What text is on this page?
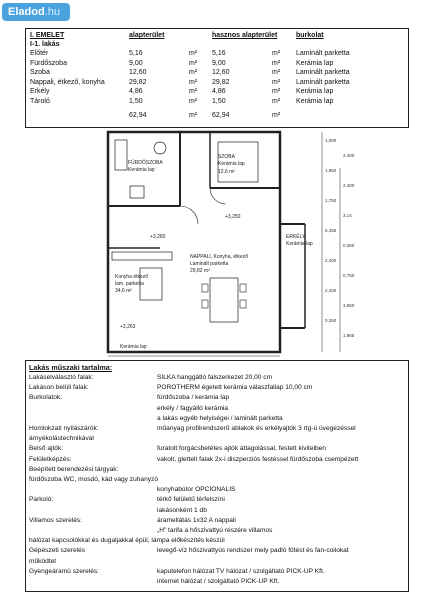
Eladod.hu
I. EMELET	alapterület	hasznos alapterület	burkolat
I-1. lakás
Előtér	5,16	m² 5,16	m² Laminált parketta
Fürdőszoba	9,00	m² 9,00	m² Kerámia lap
Szoba	12,60	m² 12,60	m² Laminált parketta
Nappali, étkező, konyha	29,82	m² 29,82	m² Laminált parketta
Erkély	4,86	m² 4,86	m² Kerámia lap
Tároló	1,50	m² 1,50	m² Kerámia lap
62,94	m² 62,94	m²
FÜRDŐSZOBA
Kerámia lap
SZOBA
Kerámia lap
12,6 m²
NAPPALI, Konyha, étkező
Laminált parketta
29,82 m²
Konyha étkező
lam. parketta
34,6 m²
ERKÉLY
Kerámia lap
Kerámia lap
+3,250
+3,263
+3,260
1,000
2,400
1,950
2,400
1,750
3,14
6,455
0,360
2,400
0,750
2,400
3,950
0,250
1,965
Lakás műszaki tartalma:
Lakáselválasztó falak:	SILKA hanggátló falszerkezet 20,00 cm
Lakáson belüli falak:	POROTHERM égetett kerámia válaszfallap 10,00 cm
Burkolatok:	fürdőszoba / kerámia lap
erkély / fagyálló kerámia
a lakás egyéb helyiségei / laminált parketta
Homlokzati nyílászárók:	műanyag profilrendszerű ablakok és erkélyajtók 3 rtg-ú üvegezéssel
árnyékolástechnikával
Belső ajtók:	furatolt forgácsbetétes ajtók áttagolással, festett kivitelben
Felületképzés:	vakolt, glettelt falak 2x-i diszperziós festéssel fürdőszoba csempézett
Beépített berendezési tárgyak:
fürdőszoba WC, mosdó, kád vagy zuhanyzó
konyhabútor OPCIONÁLIS
Parkoló:	térkő felületű térfelszíni
lakásonként 1 db
Villamos szerelés:	áramellátás 1x32 A nappali
„H” tarifa a hőszivattyú részére villamos
hálózat kapcsolókkal és dugaljakkal épül, lámpa előkészítés készül
Gépészeti szerelés	levegő-víz hőszivattyús rendszer mely padló fűtést és fan-coilokat
működtet
Gyengeáramú szerelés:	kaputelefon hálózat TV hálózat / szolgáltató PICK-UP Kft.
internet hálózat / szolgáltató PICK-UP Kft.
